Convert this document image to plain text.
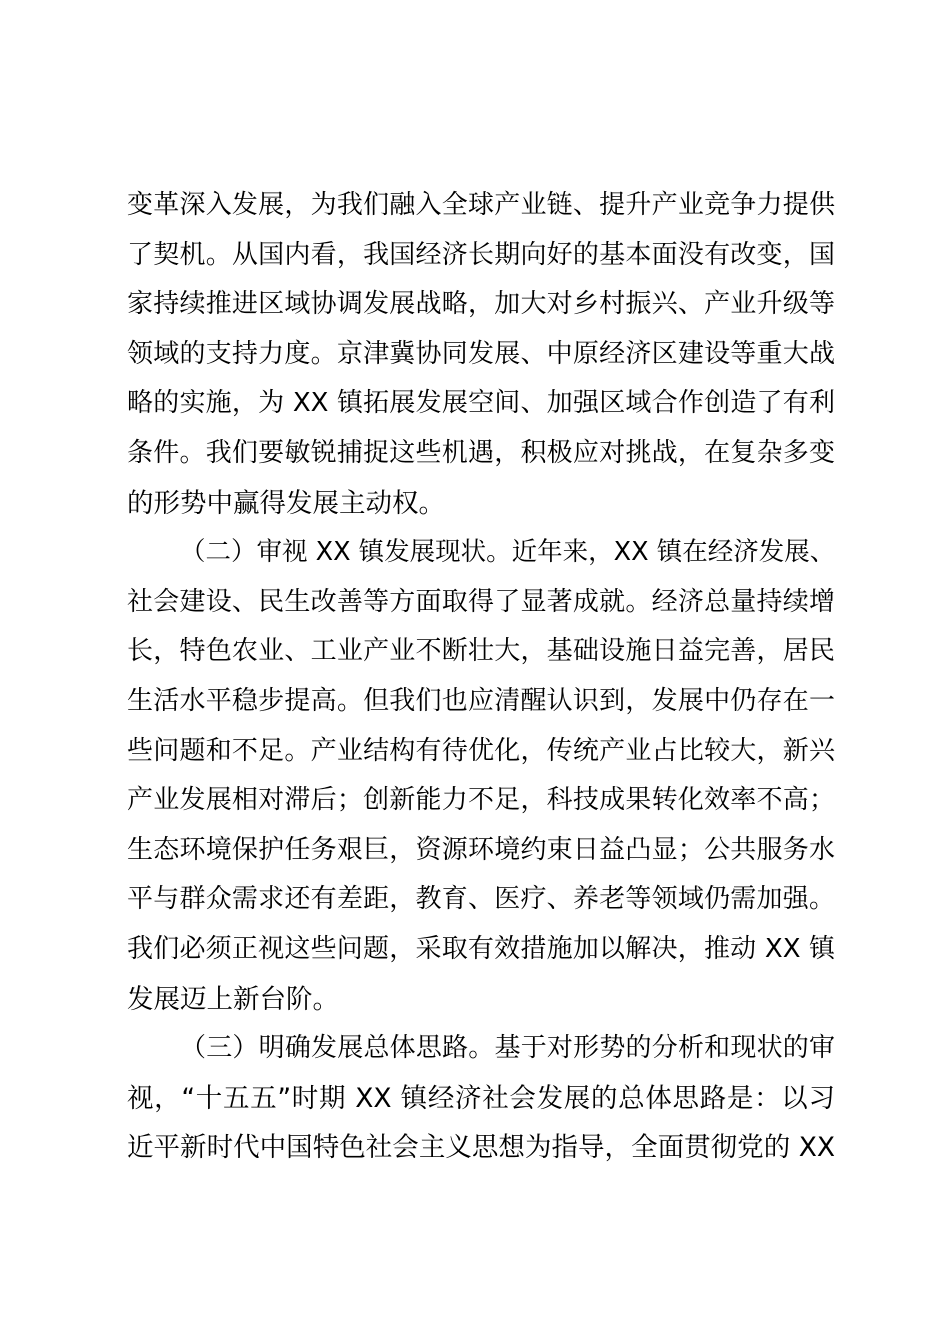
变革深入发展，为我们融入全球产业链、提升产业竞争力提供
了契机。从国内看，我国经济长期向好的基本面没有改变，国
家持续推进区域协调发展战略，加大对乡村振兴、产业升级等
领域的支持力度。京津冀协同发展、中原经济区建设等重大战
略的实施，为 XX 镇拓展发展空间、加强区域合作创造了有利
条件。我们要敏锐捕捉这些机遇，积极应对挑战，在复杂多变
的形势中赢得发展主动权。
（二）审视 XX 镇发展现状。近年来，XX 镇在经济发展、
社会建设、民生改善等方面取得了显著成就。经济总量持续增
长，特色农业、工业产业不断壮大，基础设施日益完善，居民
生活水平稳步提高。但我们也应清醒认识到，发展中仍存在一
些问题和不足。产业结构有待优化，传统产业占比较大，新兴
产业发展相对滞后；创新能力不足，科技成果转化效率不高；
生态环境保护任务艰巨，资源环境约束日益凸显；公共服务水
平与群众需求还有差距，教育、医疗、养老等领域仍需加强。
我们必须正视这些问题，采取有效措施加以解决，推动 XX 镇
发展迈上新台阶。
（三）明确发展总体思路。基于对形势的分析和现状的审
视，“十五五”时期 XX 镇经济社会发展的总体思路是：以习
近平新时代中国特色社会主义思想为指导，全面贯彻党的 XX
